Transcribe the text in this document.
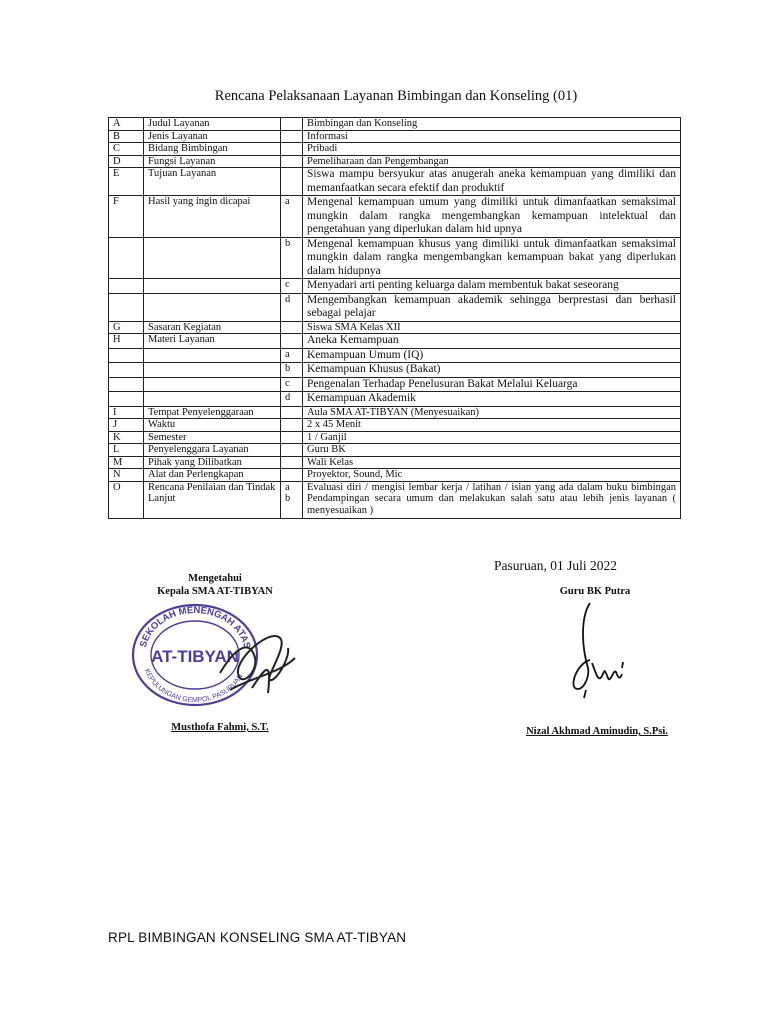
Rencana Pelaksanaan Layanan Bimbingan dan Konseling (01)
A	Judul Layanan		Bimbingan dan Konseling
B	Jenis Layanan		Informasi
C	Bidang Bimbingan		Pribadi
D	Fungsi Layanan		Pemeliharaan dan Pengembangan
E	Tujuan Layanan		Siswa mampu bersyukur atas anugerah aneka kemampuan yang dimiliki dan memanfaatkan secara efektif dan produktif
F	Hasil yang ingin dicapai	a	Mengenal kemampuan umum yang dimiliki untuk dimanfaatkan semaksimal mungkin dalam rangka mengembangkan kemampuan intelektual dan pengetahuan yang diperlukan dalam hid upnya
		b	Mengenal kemampuan khusus yang dimiliki untuk dimanfaatkan semaksimal mungkin dalam rangka mengembangkan kemampuan bakat yang diperlukan dalam hidupnya
		c	Menyadari arti penting keluarga dalam membentuk bakat seseorang
		d	Mengembangkan kemampuan akademik sehingga berprestasi dan berhasil sebagai pelajar
G	Sasaran Kegiatan		Siswa SMA Kelas XII
H	Materi Layanan		Aneka Kemampuan
		a	Kemampuan Umum (IQ)
		b	Kemampuan Khusus (Bakat)
		c	Pengenalan Terhadap Penelusuran Bakat Melalui Keluarga
		d	Kemampuan Akademik
I	Tempat Penyelenggaraan		Aula SMA AT-TIBYAN (Menyesuaikan)
J	Waktu		2 x 45 Menit
K	Semester		1 / Ganjil
L	Penyelenggara Layanan		Guru BK
M	Pihak yang Dilibatkan		Wali Kelas
N	Alat dan Perlengkapan		Proyektor, Sound, Mic
O	Rencana Penilaian dan Tindak Lanjut	a b	Evaluasi diri / mengisi lembar kerja / latihan / isian yang ada dalam buku bimbingan Pendampingan secara umum dan melakukan salah satu atau lebih jenis layanan ( menyesuaikan )
Pasuruan, 01 Juli 2022
Mengetahui
Kepala SMA AT-TIBYAN
SEKOLAH MENENGAH ATAS
KEPULUNGAN GEMPOL PASURUAN
AT-TIBYAN
Guru BK Putra
Musthofa Fahmi, S.T.	Nizal Akhmad Aminudin, S.Psi.
RPL BIMBINGAN KONSELING SMA AT-TIBYAN
